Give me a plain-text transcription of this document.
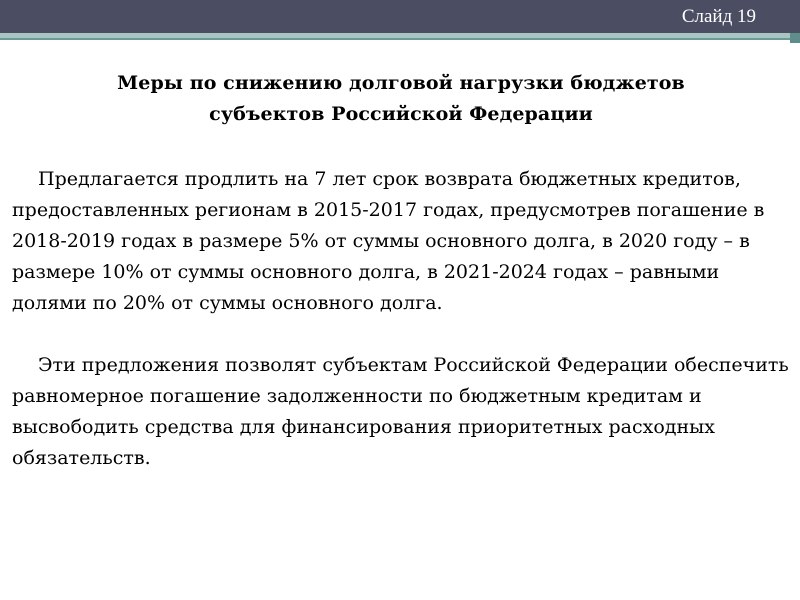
Слайд 19
Меры по снижению долговой нагрузки бюджетов
субъектов Российской Федерации

Предлагается продлить на 7 лет срок возврата бюджетных кредитов, предоставленных регионам в 2015-2017 годах, предусмотрев погашение в 2018-2019 годах в размере 5% от суммы основного долга, в 2020 году – в размере 10% от суммы основного долга, в 2021-2024 годах – равными долями по 20% от суммы основного долга.

Эти предложения позволят субъектам Российской Федерации обеспечить равномерное погашение задолженности по бюджетным кредитам и высвободить средства для финансирования приоритетных расходных обязательств.
